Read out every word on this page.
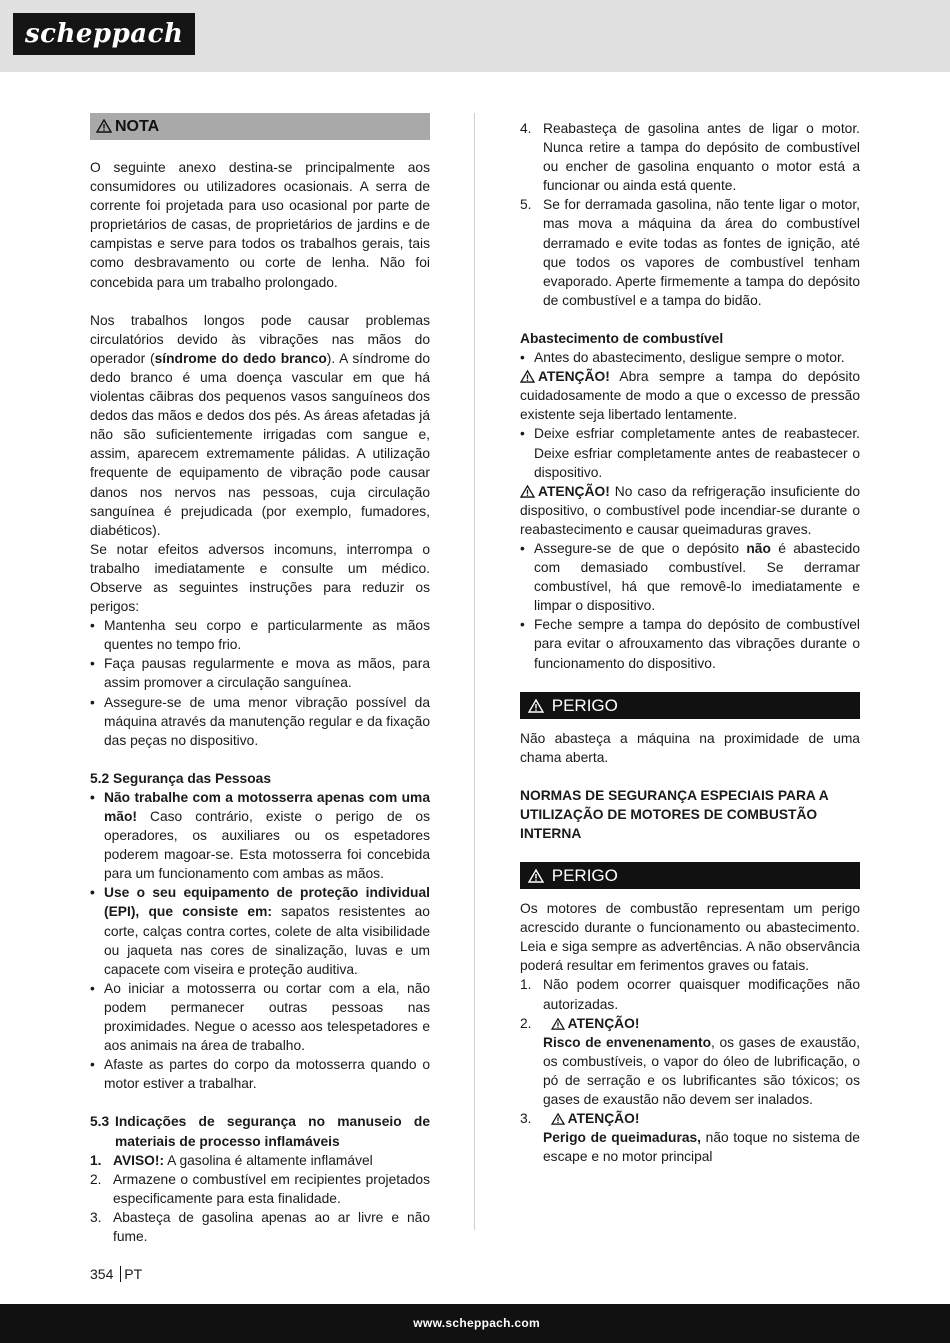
scheppach
NOTA

O seguinte anexo destina-se principalmente aos consumidores ou utilizadores ocasionais. A serra de corrente foi projetada para uso ocasional por parte de proprietários de casas, de proprietários de jardins e de campistas e serve para todos os trabalhos gerais, tais como desbravamento ou corte de lenha. Não foi concebida para um trabalho prolongado.

Nos trabalhos longos pode causar problemas circulatórios devido às vibrações nas mãos do operador (síndrome do dedo branco). A síndrome do dedo branco é uma doença vascular em que há violentas cãibras dos pequenos vasos sanguíneos dos dedos das mãos e dedos dos pés. As áreas afetadas já não são suficientemente irrigadas com sangue e, assim, aparecem extremamente pálidas. A utilização frequente de equipamento de vibração pode causar danos nos nervos nas pessoas, cuja circulação sanguínea é prejudicada (por exemplo, fumadores, diabéticos).

Se notar efeitos adversos incomuns, interrompa o trabalho imediatamente e consulte um médico. Observe as seguintes instruções para reduzir os perigos:

• Mantenha seu corpo e particularmente as mãos quentes no tempo frio.
• Faça pausas regularmente e mova as mãos, para assim promover a circulação sanguínea.
• Assegure-se de uma menor vibração possível da máquina através da manutenção regular e da fixação das peças no dispositivo.
5.2 Segurança das Pessoas
• Não trabalhe com a motosserra apenas com uma mão! Caso contrário, existe o perigo de os operadores, os auxiliares ou os espetadores poderem magoar-se. Esta motosserra foi concebida para um funcionamento com ambas as mãos.
• Use o seu equipamento de proteção individual (EPI), que consiste em: sapatos resistentes ao corte, calças contra cortes, colete de alta visibilidade ou jaqueta nas cores de sinalização, luvas e um capacete com viseira e proteção auditiva.
• Ao iniciar a motosserra ou cortar com a ela, não podem permanecer outras pessoas nas proximidades. Negue o acesso aos telespetadores e aos animais na área de trabalho.
• Afaste as partes do corpo da motosserra quando o motor estiver a trabalhar.
5.3 Indicações de segurança no manuseio de materiais de processo inflamáveis
1. AVISO!: A gasolina é altamente inflamável
2. Armazene o combustível em recipientes projetados especificamente para esta finalidade.
3. Abasteça de gasolina apenas ao ar livre e não fume.
4. Reabasteça de gasolina antes de ligar o motor. Nunca retire a tampa do depósito de combustível ou encher de gasolina enquanto o motor está a funcionar ou ainda está quente.
5. Se for derramada gasolina, não tente ligar o motor, mas mova a máquina da área do combustível derramado e evite todas as fontes de ignição, até que todos os vapores de combustível tenham evaporado. Aperte firmemente a tampa do depósito de combustível e a tampa do bidão.
Abastecimento de combustível
• Antes do abastecimento, desligue sempre o motor.

ATENÇÃO! Abra sempre a tampa do depósito cuidadosamente de modo a que o excesso de pressão existente seja libertado lentamente.

• Deixe esfriar completamente antes de reabastecer. Deixe esfriar completamente antes de reabastecer o dispositivo.

ATENÇÃO! No caso da refrigeração insuficiente do dispositivo, o combustível pode incendiar-se durante o reabastecimento e causar queimaduras graves.

• Assegure-se de que o depósito não é abastecido com demasiado combustível. Se derramar combustível, há que removê-lo imediatamente e limpar o dispositivo.
• Feche sempre a tampa do depósito de combustível para evitar o afrouxamento das vibrações durante o funcionamento do dispositivo.
PERIGO

Não abasteça a máquina na proximidade de uma chama aberta.

NORMAS DE SEGURANÇA ESPECIAIS PARA A UTILIZAÇÃO DE MOTORES DE COMBUSTÃO INTERNA

PERIGO

Os motores de combustão representam um perigo acrescido durante o funcionamento ou abastecimento. Leia e siga sempre as advertências. A não observância poderá resultar em ferimentos graves ou fatais.

1. Não podem ocorrer quaisquer modificações não autorizadas.
2.	ATENÇÃO!
Risco de envenenamento, os gases de exaustão, os combustíveis, o vapor do óleo de lubrificação, o pó de serração e os lubrificantes são tóxicos; os gases de exaustão não devem ser inalados.
3.	ATENÇÃO!
Perigo de queimaduras, não toque no sistema de escape e no motor principal
354 PT
www.scheppach.com
